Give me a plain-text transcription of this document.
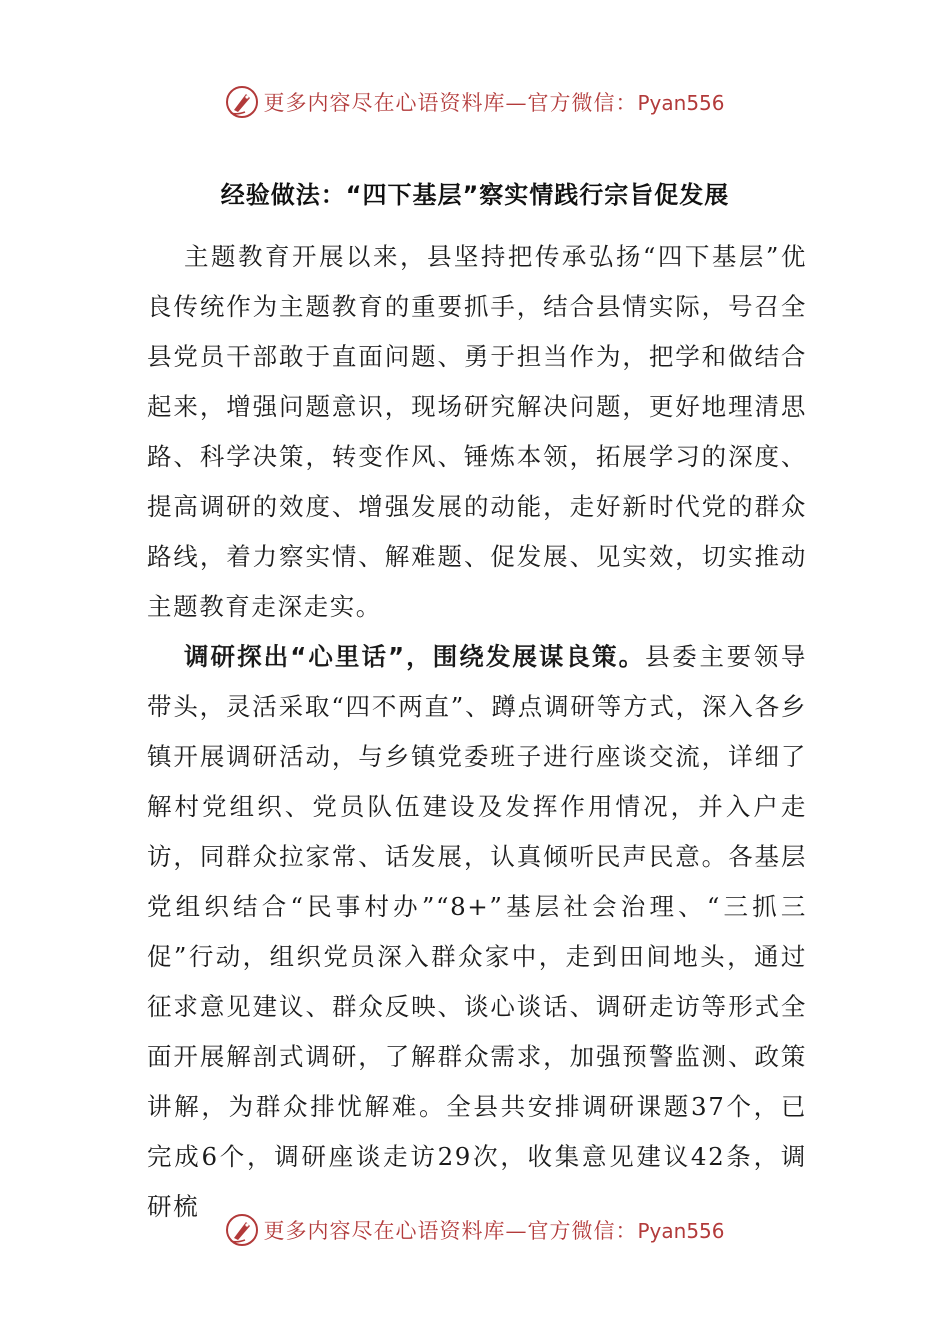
更多内容尽在心语资料库—官方微信：Pyan556
经验做法：“四下基层”察实情践行宗旨促发展

主题教育开展以来，县坚持把传承弘扬“四下基层”优良传统作为主题教育的重要抓手，结合县情实际，号召全县党员干部敢于直面问题、勇于担当作为，把学和做结合起来，增强问题意识，现场研究解决问题，更好地理清思路、科学决策，转变作风、锤炼本领，拓展学习的深度、提高调研的效度、增强发展的动能，走好新时代党的群众路线，着力察实情、解难题、促发展、见实效，切实推动主题教育走深走实。

调研探出“心里话”，围绕发展谋良策。县委主要领导带头，灵活采取“四不两直”、蹲点调研等方式，深入各乡镇开展调研活动，与乡镇党委班子进行座谈交流，详细了解村党组织、党员队伍建设及发挥作用情况，并入户走访，同群众拉家常、话发展，认真倾听民声民意。各基层党组织结合“民事村办”“8+”基层社会治理、“三抓三促”行动，组织党员深入群众家中，走到田间地头，通过征求意见建议、群众反映、谈心谈话、调研走访等形式全面开展解剖式调研，了解群众需求，加强预警监测、政策讲解，为群众排忧解难。全县共安排调研课题37个，已完成6个，调研座谈走访29次，收集意见建议42条，调研梳

更多内容尽在心语资料库—官方微信：Pyan556
